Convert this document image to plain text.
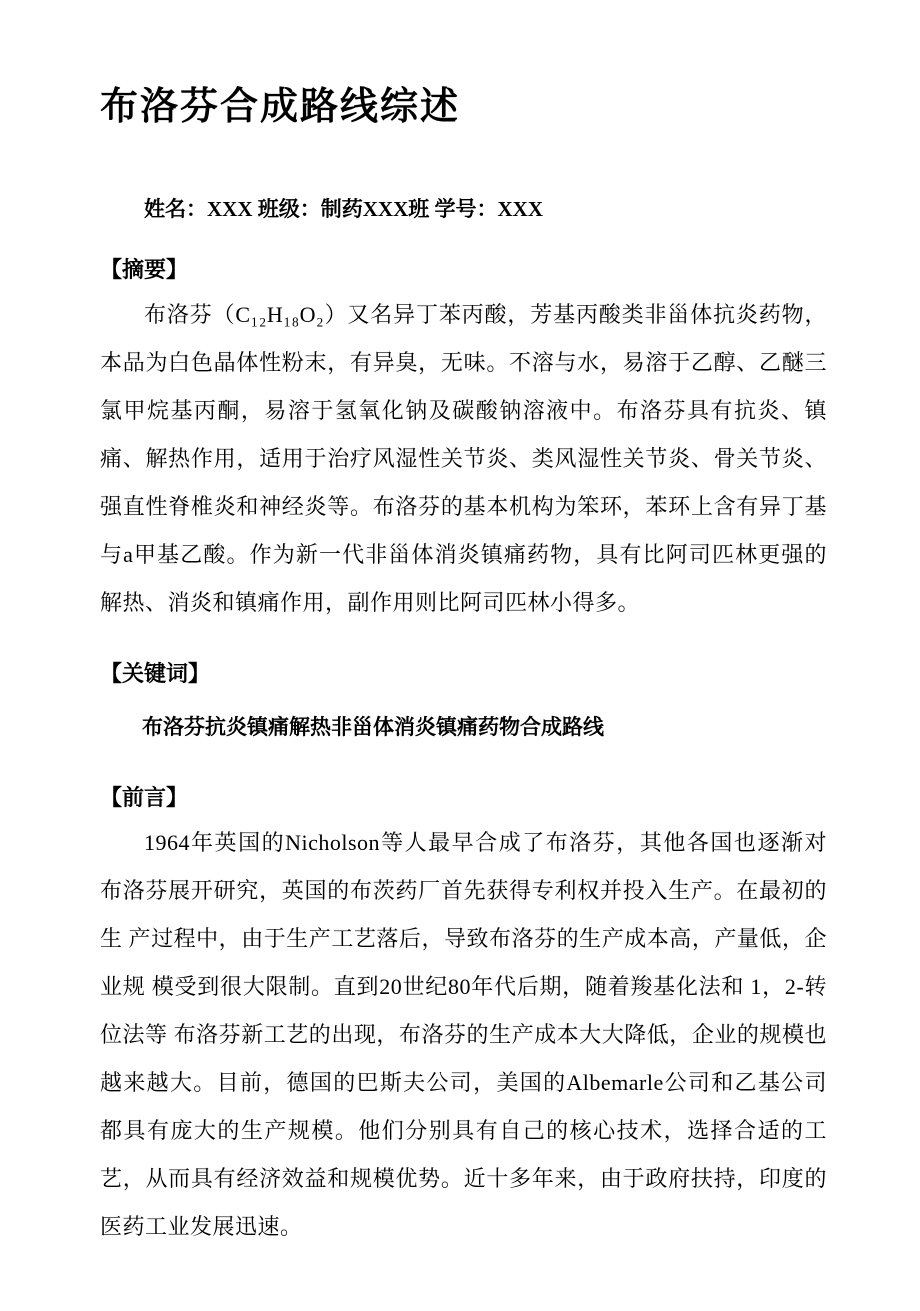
布洛芬合成路线综述

姓名：XXX 班级：制药XXX班 学号：XXX

【摘要】

布洛芬（C₁₂H₁₈O₂）又名异丁苯丙酸，芳基丙酸类非甾体抗炎药物，本品为白色晶体性粉末，有异臭，无味。不溶与水，易溶于乙醇、乙醚三氯甲烷基丙酮，易溶于氢氧化钠及碳酸钠溶液中。布洛芬具有抗炎、镇痛、解热作用，适用于治疗风湿性关节炎、类风湿性关节炎、骨关节炎、强直性脊椎炎和神经炎等。布洛芬的基本机构为笨环，苯环上含有异丁基与a甲基乙酸。作为新一代非甾体消炎镇痛药物，具有比阿司匹林更强的解热、消炎和镇痛作用，副作用则比阿司匹林小得多。

【关键词】

布洛芬抗炎镇痛解热非甾体消炎镇痛药物合成路线

【前言】

1964年英国的Nicholson等人最早合成了布洛芬，其他各国也逐渐对 布洛芬展开研究，英国的布茨药厂首先获得专利权并投入生产。在最初的生 产过程中，由于生产工艺落后，导致布洛芬的生产成本高，产量低，企业规 模受到很大限制。直到20世纪80年代后期，随着羧基化法和 1，2-转位法等 布洛芬新工艺的出现，布洛芬的生产成本大大降低，企业的规模也越来越大。目前，德国的巴斯夫公司，美国的Albemarle公司和乙基公司都具有庞大的生产规模。他们分别具有自己的核心技术，选择合适的工艺，从而具有经济效益和规模优势。近十多年来，由于政府扶持，印度的医药工业发展迅速。
